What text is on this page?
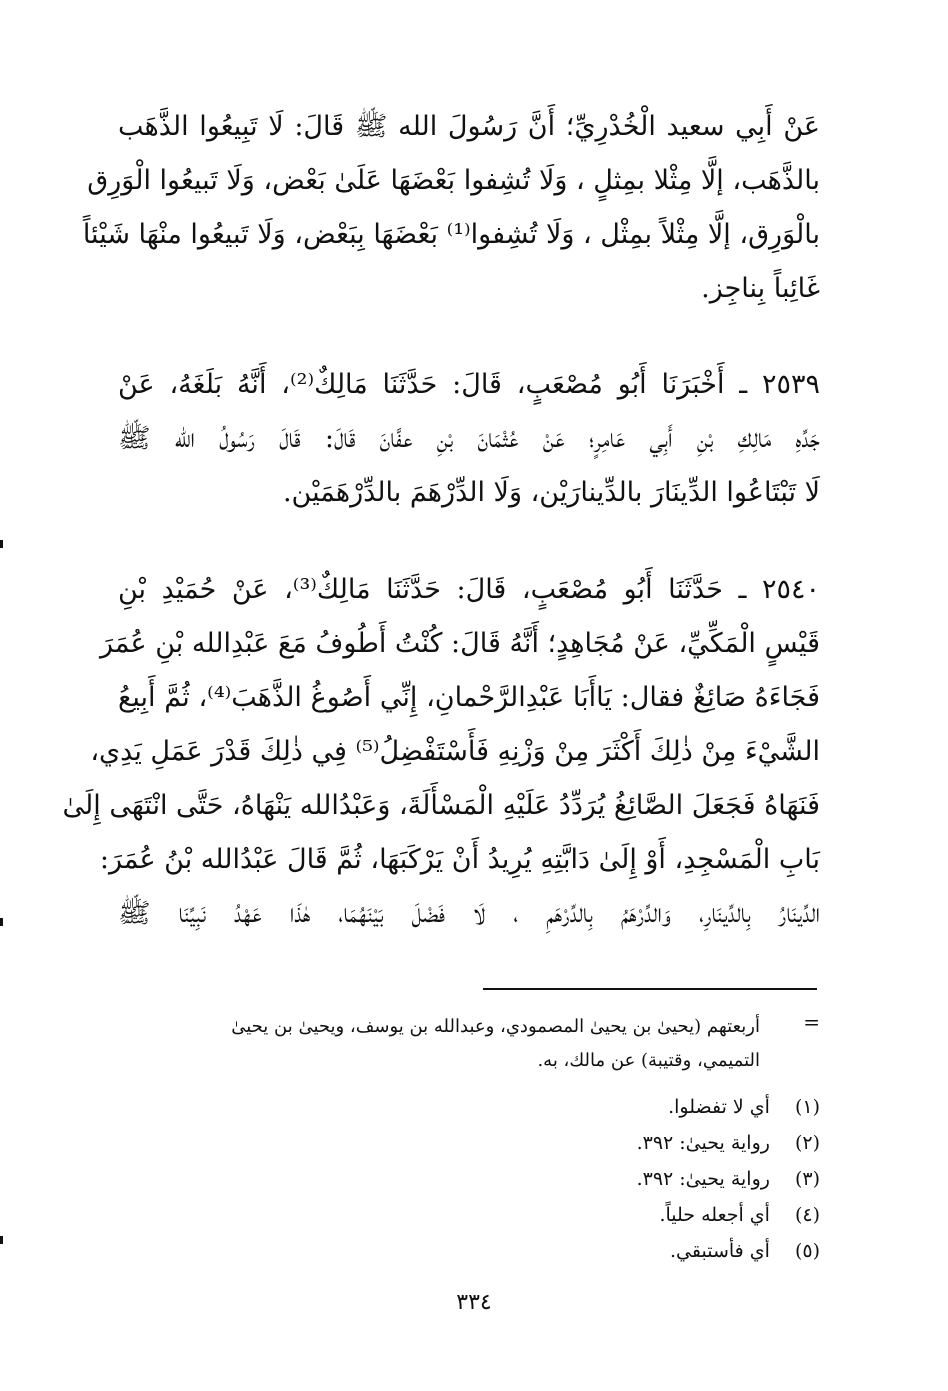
عَنْ أَبِي سعيد الْخُدْرِيِّ؛ أَنَّ رَسُولَ الله ﷺ قَالَ: لَا تَبِيعُوا الذَّهَب
بالذَّهَب، إلَّا مِثْلا بمِثلٍ ، وَلَا تُشِفوا بَعْضَهَا عَلَىٰ بَعْض، وَلَا تَبيعُوا الْوَرِق
بالْوَرِق، إلَّا مِثْلاً بمِثْل ، وَلَا تُشِفوا⁽¹⁾ بَعْضَهَا بِبَعْض، وَلَا تَبيعُوا منْهَا شَيْئاً
غَائِباً بِناجِز.
٢٥٣٩ ـ أَخْبَرَنَا أَبُو مُصْعَبٍ، قَالَ: حَدَّثَنَا مَالِكٌ⁽²⁾، أَنَّهُ بَلَغَهُ، عَنْ
جَدِّهِ مَالِكِ بْنِ أَبِي عَامِرٍ؛ عَنْ عُثْمَانَ بْنِ عفَّانَ قَالَ: قَالَ رَسُولُ الله ﷺ
لَا تَبْتَاعُوا الدِّينَارَ بالدِّينارَيْن، وَلَا الدِّرْهَمَ بالدِّرْهَمَيْن.
٢٥٤٠ ـ حَدَّثَنَا أَبُو مُصْعَبٍ، قَالَ: حَدَّثَنَا مَالِكٌ⁽³⁾، عَنْ حُمَيْدِ بْنِ
قَيْسٍ الْمَكِّيِّ، عَنْ مُجَاهِدٍ؛ أَنَّهُ قَالَ: كُنْتُ أَطُوفُ مَعَ عَبْدِالله بْنِ عُمَرَ
فَجَاءَهُ صَائِغٌ فقال: يَاأَبَا عَبْدِالرَّحْمانِ، إِنِّي أَصُوغُ الذَّهَبَ⁽⁴⁾، ثُمَّ أَبِيعُ
الشَّيْءَ مِنْ ذٰلِكَ أَكْثَرَ مِنْ وَزْنِهِ فَأَسْتَفْضِلُ⁽⁵⁾ فِي ذٰلِكَ قَدْرَ عَمَلِ يَدِي،
فَنَهَاهُ فَجَعَلَ الصَّائِغُ يُرَدِّدُ عَلَيْهِ الْمَسْأَلَةَ، وَعَبْدُالله يَنْهَاهُ، حَتَّى انْتَهَى إِلَىٰ
بَابِ الْمَسْجِدِ، أَوْ إِلَىٰ دَابَّتِهِ يُرِيدُ أَنْ يَرْكَبَهَا، ثُمَّ قَالَ عَبْدُالله بْنُ عُمَرَ:
الدِّينَارُ بِالدِّينَارِ، وَالدِّرْهَمُ بِالدِّرْهَمِ ، لَا فَضْلَ بَيْنَهُمَا، هٰذَا عَهْدُ نَبِيِّنَا ﷺ
=
أربعتهم (يحيىٰ بن يحيىٰ المصمودي، وعبدالله بن يوسف، ويحيىٰ بن يحيىٰ
التميمي، وقتيبة) عن مالك، به.
(١) أي لا تفضلوا.
(٢) رواية يحيىٰ: ٣٩٢.
(٣) رواية يحيىٰ: ٣٩٢.
(٤) أي أجعله حلياً.
(٥) أي فأستبقي.
٣٣٤
